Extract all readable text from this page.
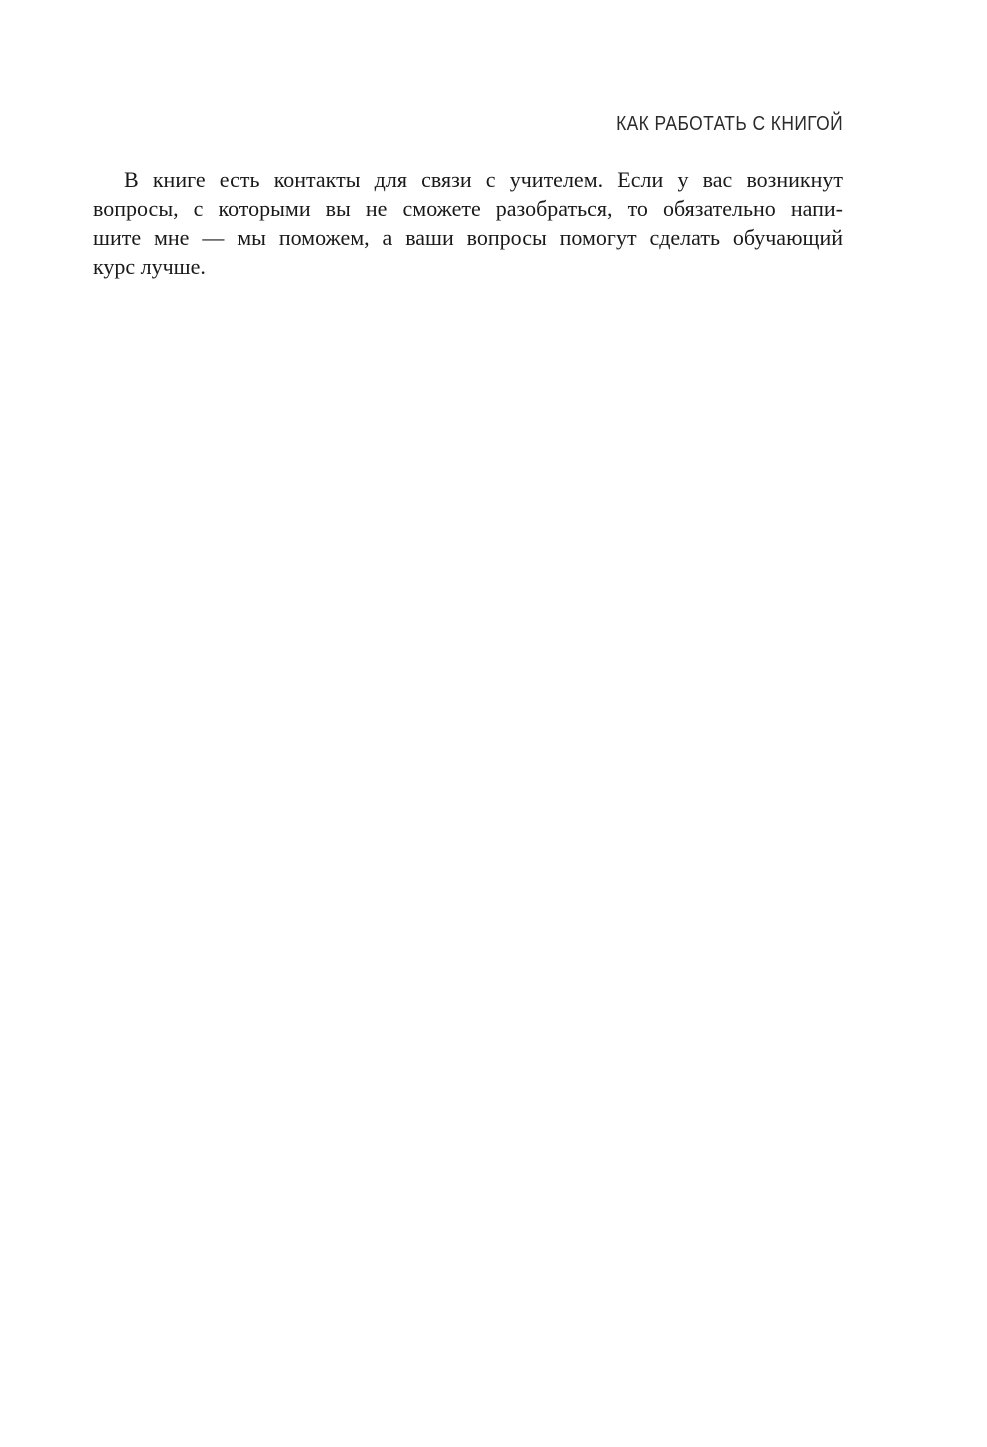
КАК РАБОТАТЬ С КНИГОЙ
В книге есть контакты для связи с учителем. Если у вас возникнут
вопросы, с которыми вы не сможете разобраться, то обязательно напи-
шите мне — мы поможем, а ваши вопросы помогут сделать обучающий
курс лучше.
